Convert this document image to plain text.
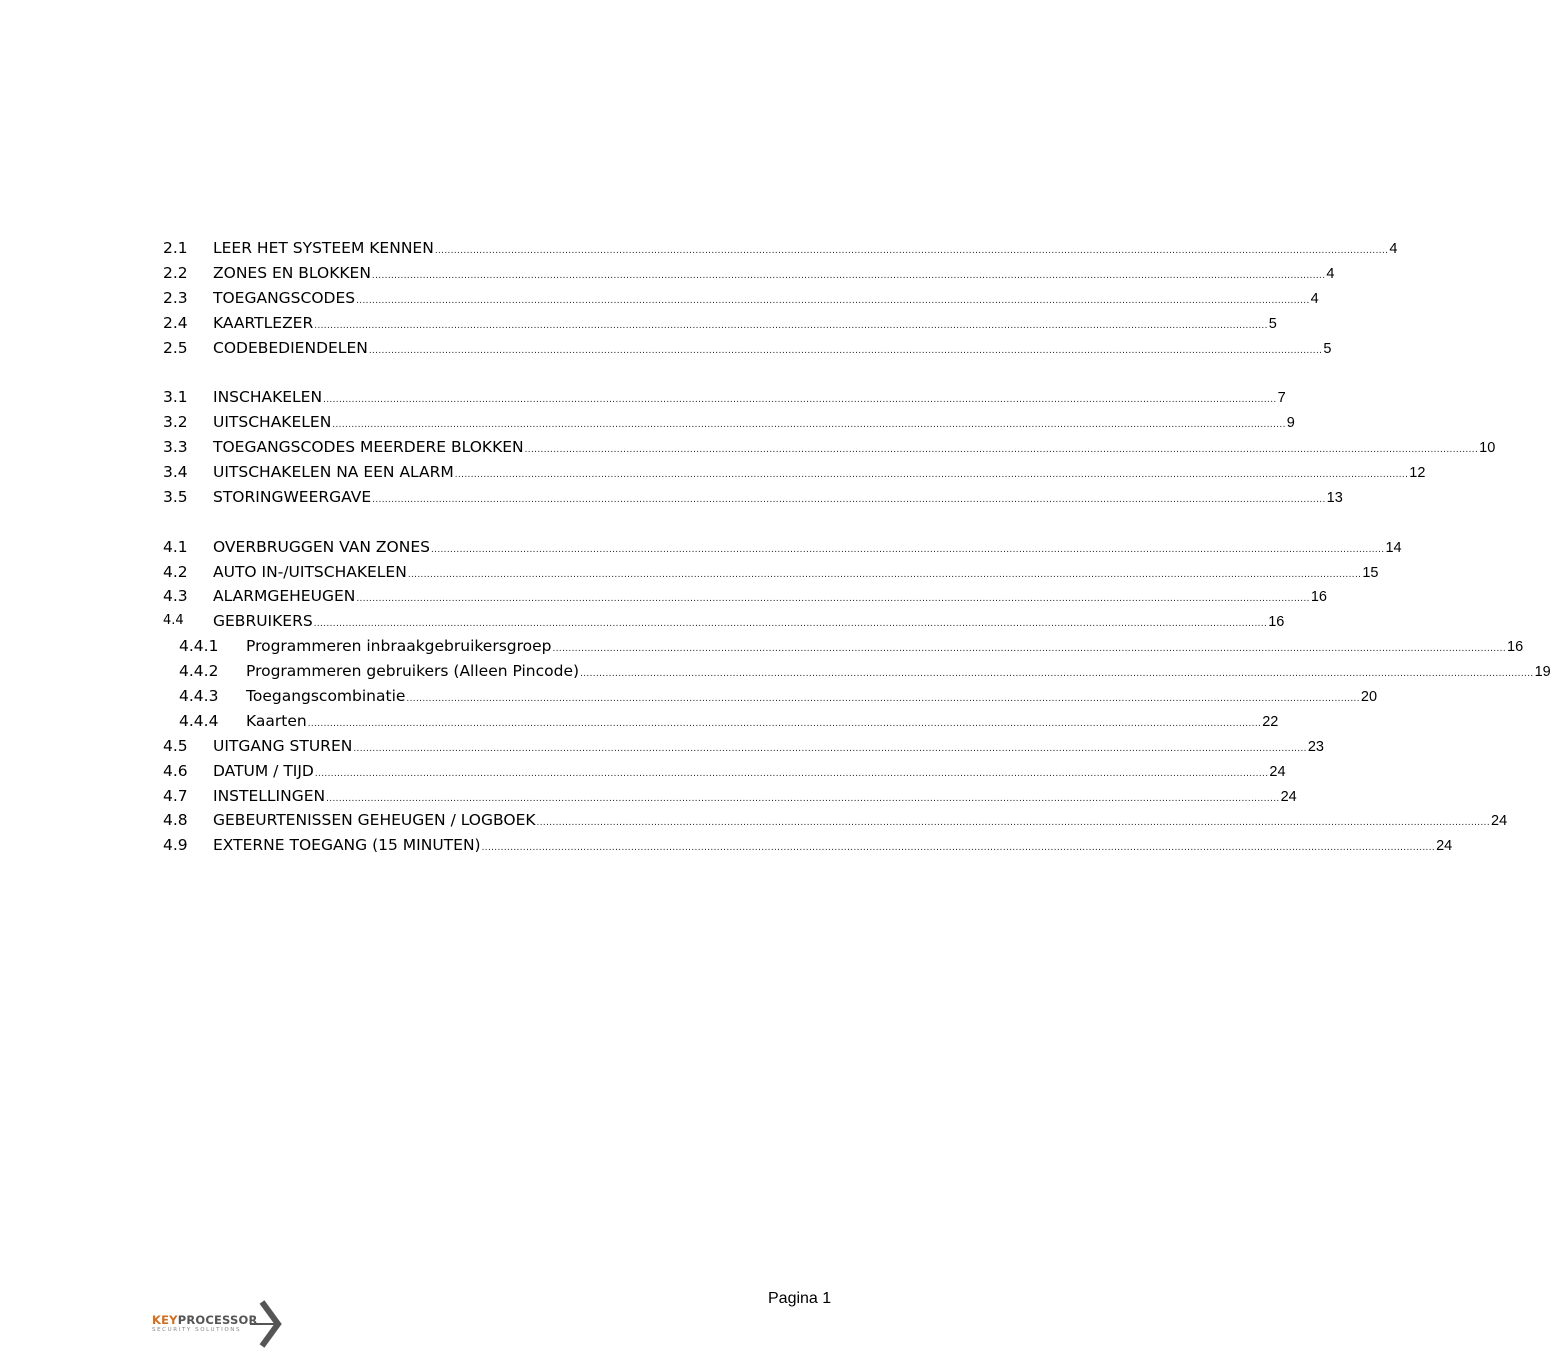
2.1 LEER HET SYSTEEM KENNEN ............................................................................................................................................................................................................................................................................................................ 4
2.2 ZONES EN BLOKKEN ............................................................................................................................................................................................................................................................................................................ 4
2.3 TOEGANGSCODES ............................................................................................................................................................................................................................................................................................................ 4
2.4 KAARTLEZER ............................................................................................................................................................................................................................................................................................................ 5
2.5 CODEBEDIENDELEN ............................................................................................................................................................................................................................................................................................................ 5
3.1 INSCHAKELEN ............................................................................................................................................................................................................................................................................................................ 7
3.2 UITSCHAKELEN ............................................................................................................................................................................................................................................................................................................ 9
3.3 TOEGANGSCODES MEERDERE BLOKKEN ............................................................................................................................................................................................................................................................................................................ 10
3.4 UITSCHAKELEN NA EEN ALARM ............................................................................................................................................................................................................................................................................................................ 12
3.5 STORINGWEERGAVE ............................................................................................................................................................................................................................................................................................................ 13
4.1 OVERBRUGGEN VAN ZONES ............................................................................................................................................................................................................................................................................................................ 14
4.2 AUTO IN-/UITSCHAKELEN ............................................................................................................................................................................................................................................................................................................ 15
4.3 ALARMGEHEUGEN ............................................................................................................................................................................................................................................................................................................ 16
4.4 GEBRUIKERS ............................................................................................................................................................................................................................................................................................................ 16
4.4.1 Programmeren inbraakgebruikersgroep ............................................................................................................................................................................................................................................................................................................ 16
4.4.2 Programmeren gebruikers (Alleen Pincode) ............................................................................................................................................................................................................................................................................................................ 19
4.4.3 Toegangscombinatie ............................................................................................................................................................................................................................................................................................................ 20
4.4.4 Kaarten ............................................................................................................................................................................................................................................................................................................ 22
4.5 UITGANG STUREN ............................................................................................................................................................................................................................................................................................................ 23
4.6 DATUM / TIJD ............................................................................................................................................................................................................................................................................................................ 24
4.7 INSTELLINGEN ............................................................................................................................................................................................................................................................................................................ 24
4.8 GEBEURTENISSEN GEHEUGEN / LOGBOEK ............................................................................................................................................................................................................................................................................................................ 24
4.9 EXTERNE TOEGANG (15 MINUTEN) ............................................................................................................................................................................................................................................................................................................ 24
Pagina 1
KEYPROCESSOR
SECURITY SOLUTIONS
